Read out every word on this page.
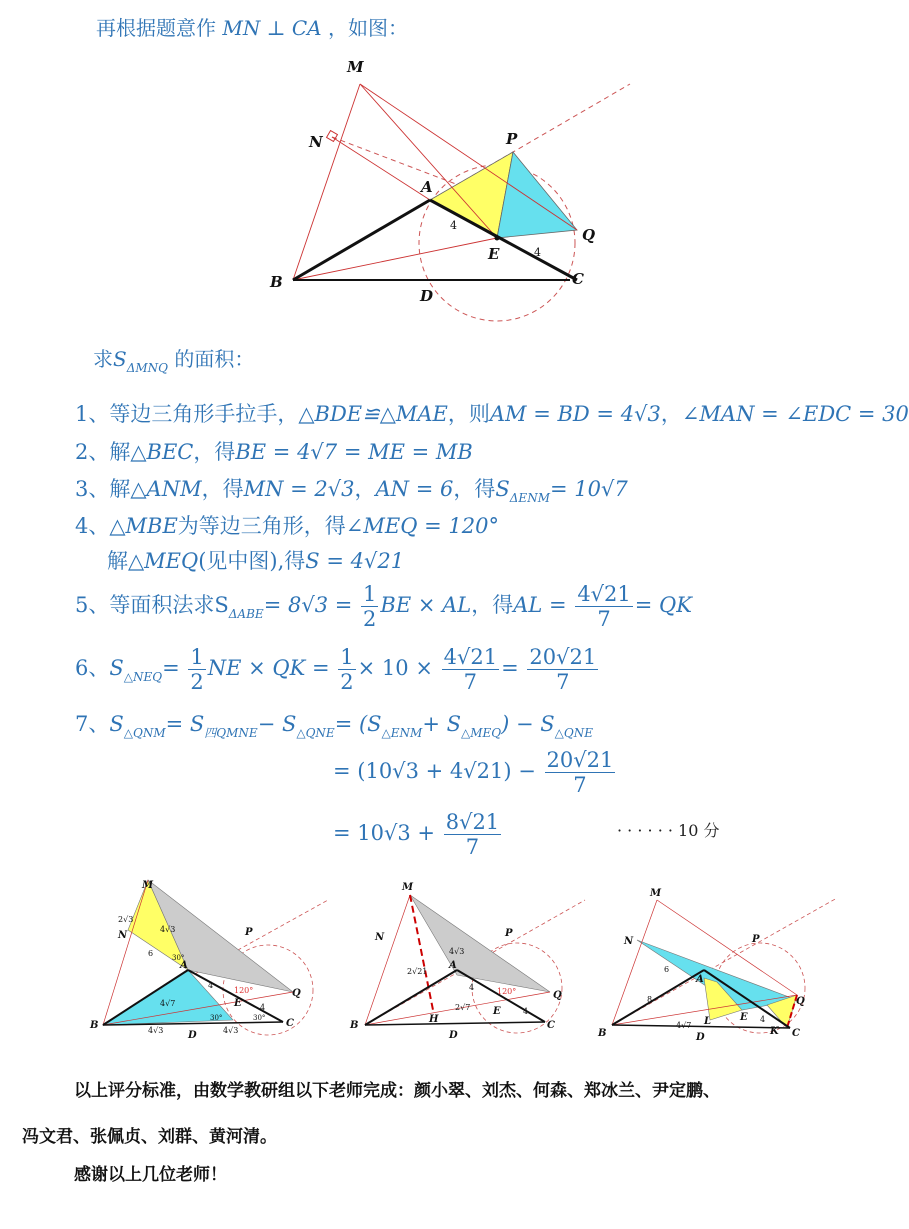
再根据题意作 MN ⊥ CA ，如图：
M
N	P
A
Q
E
B
D
C
4
4
求$S_{\Delta MNQ}$ 的面积：
1、等边三角形手拉手，△BDE≌△MAE，则AM = BD = 4√3，∠MAN = ∠EDC = 30
2、解△BEC，得BE = 4√7 = ME = MB
3、解△ANM，得MN = 2√3，AN = 6，得$S_{\Delta ENM}= 10√7$
4、△MBE为等边三角形，得∠MEQ = 120°
解△MEQ(见中图),得S = 4√21
5、等面积法求$S_{\Delta ABE}= 8√3 = \frac{1}{2}$ BE × AL，得AL = $\frac{4√21}{7}$ = QK
6、$S_{\triangle NEQ}= \frac{1}{2}$ NE × QK = $\frac{1}{2} \times 10 \times \frac{4√21}{7} = \frac{20√21}{7}$
7、$S_{\triangle QNM}= S_{四QMNE}- S_{\triangle QNE}= (S_{\triangle ENM}+ S_{\triangle MEQ}) - S_{\triangle QNE}$
= $(10√3 + 4√21) - \frac{20√21}{7}$
= $10√3 + \frac{8√21}{7}$	· · · · · · 10 分
M
N	P
A
Q
E
B
D
C
2√3
4√3
6	30°
4
4√7
120°
4
4√3
30°
4√3
30°
M
N	P
A
Q
E
B
D
C
H
4√3
2√21
4	120°
2√7	4
M
N	P
A
Q
E
B	D	C
L
K
6
8
4√7
4
以上评分标准，由数学教研组以下老师完成：颜小翠、刘杰、何森、郑冰兰、尹定鹏、
冯文君、张佩贞、刘群、黄河清。
感谢以上几位老师！
